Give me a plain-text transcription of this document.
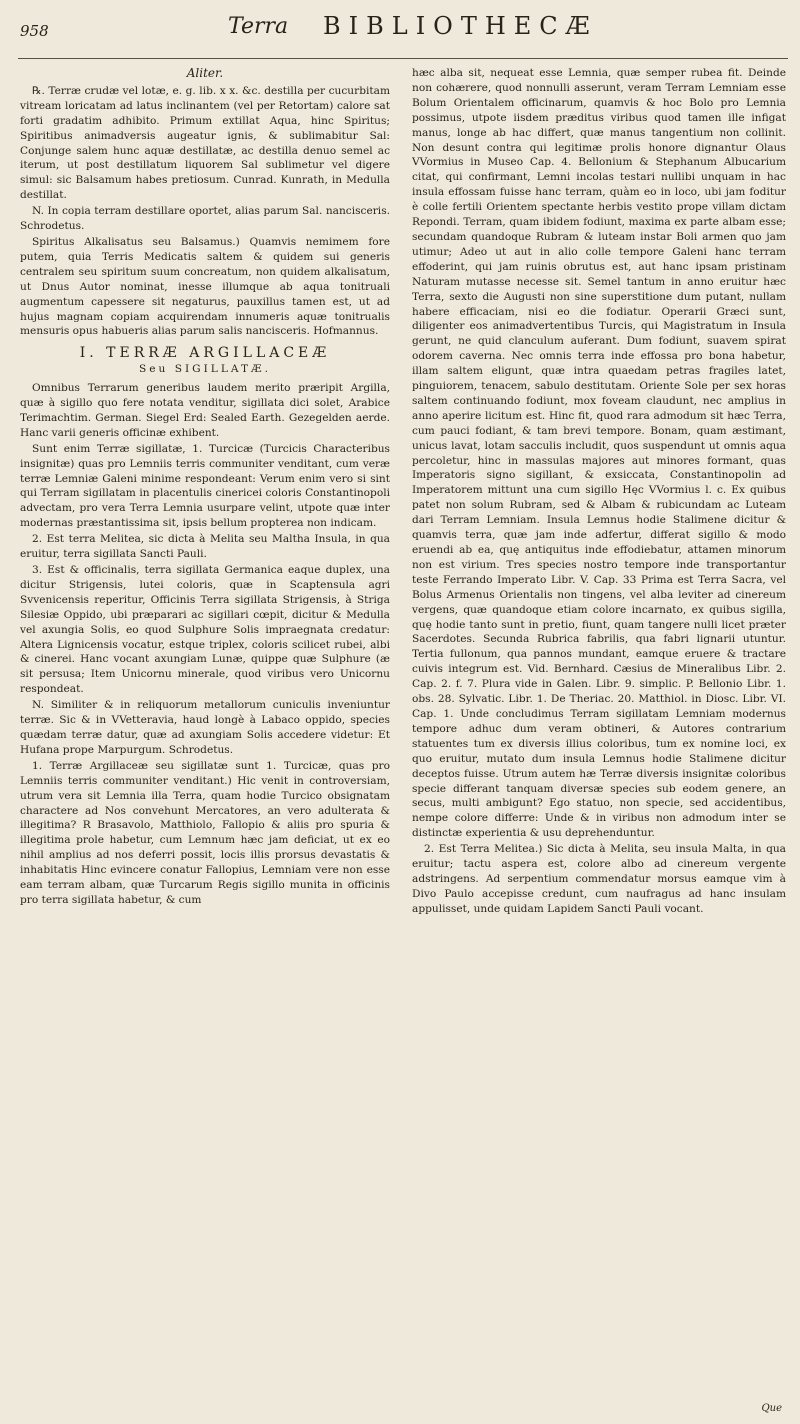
958	Terra BIBLIOTHECÆ
Aliter.

℞. Terræ crudæ vel lotæ, e. g. lib. x x. &c. destilla per cucurbitam vitream loricatam ad latus inclinantem (vel per Retortam) calore sat forti gradatim adhibito. Primum extillat Aqua, hinc Spiritus; Spiritibus animadversis augeatur ignis, & sublimabitur Sal: Conjunge salem hunc aquæ destillatæ, ac destilla denuo semel ac iterum, ut post destillatum liquorem Sal sublimetur vel digere simul: sic Balsamum habes pretiosum. Cunrad. Kunrath, in Medulla destillat.

N. In copia terram destillare oportet, alias parum Sal. nancisceris. Schrodetus.

Spiritus Alkalisatus seu Balsamus.) Quamvis nemimem fore putem, quia Terris Medicatis saltem & quidem sui generis centralem seu spiritum suum concreatum, non quidem alkalisatum, ut Dnus Autor nominat, inesse illumque ab aqua tonitruali augmentum capessere sit negaturus, pauxillus tamen est, ut ad hujus magnam copiam acquirendam innumeris aquæ tonitrualis mensuris opus habueris alias parum salis nancisceris. Hofmannus.

I. TERRÆ ARGILLACEÆ
Seu SIGILLATÆ.

Omnibus Terrarum generibus laudem merito præripit Argilla, quæ à sigillo quo fere notata venditur, sigillata dici solet, Arabice Terimachtim. German. Siegel Erd: Sealed Earth. Gezegelden aerde. Hanc varii generis officinæ exhibent.

Sunt enim Terræ sigillatæ, 1. Turcicæ (Turcicis Characteribus insignitæ) quas pro Lemniis terris communiter venditant, cum veræ terræ Lemniæ Galeni minime respondeant: Verum enim vero si sint qui Terram sigillatam in placentulis cinericei coloris Constantinopoli advectam, pro vera Terra Lemnia usurpare velint, utpote quæ inter modernas præstantissima sit, ipsis bellum propterea non indicam.

2. Est terra Melitea, sic dicta à Melita seu Maltha Insula, in qua eruitur, terra sigillata Sancti Pauli.

3. Est & officinalis, terra sigillata Germanica eaque duplex, una dicitur Strigensis, lutei coloris, quæ in Scaptensula agri Svvenicensis reperitur, Officinis Terra sigillata Strigensis, à Striga Silesiæ Oppido, ubi præparari ac sigillari cœpit, dicitur & Medulla vel axungia Solis, eo quod Sulphure Solis impraegnata credatur: Altera Lignicensis vocatur, estque triplex, coloris scilicet rubei, albi & cinerei. Hanc vocant axungiam Lunæ, quippe quæ Sulphure (æ sit persusa; Item Unicornu minerale, quod viribus vero Unicornu respondeat.

N. Similiter & in reliquorum metallorum cuniculis inveniuntur terræ. Sic & in VVetteravia, haud longè à Labaco oppido, species quædam terræ datur, quæ ad axungiam Solis accedere videtur: Et Hufana prope Marpurgum. Schrodetus.

1. Terræ Argillaceæ seu sigillatæ sunt 1. Turcicæ, quas pro Lemniis terris communiter venditant.) Hic venit in controversiam, utrum vera sit Lemnia illa Terra, quam hodie Turcico obsignatam charactere ad Nos convehunt Mercatores, an vero adulterata & illegitima? R Brasavolo, Matthiolo, Fallopio & aliis pro spuria & illegitima prole habetur, cum Lemnum hæc jam deficiat, ut ex eo nihil amplius ad nos deferri possit, locis illis prorsus devastatis & inhabitatis Hinc evincere conatur Fallopius, Lemniam vere non esse eam terram albam, quæ Turcarum Regis sigillo munita in officinis pro terra sigillata habetur, & cum

hæc alba sit, nequeat esse Lemnia, quæ semper rubea fit. Deinde non cohærere, quod nonnulli asserunt, veram Terram Lemniam esse Bolum Orientalem officinarum, quamvis & hoc Bolo pro Lemnia possimus, utpote iisdem præditus viribus quod tamen ille infigat manus, longe ab hac differt, quæ manus tangentium non collinit. Non desunt contra qui legitimæ prolis honore dignantur Olaus VVormius in Museo Cap. 4. Bellonium & Stephanum Albucarium citat, qui confirmant, Lemni incolas testari nullibi unquam in hac insula effossam fuisse hanc terram, quàm eo in loco, ubi jam foditur è colle fertili Orientem spectante herbis vestito prope villam dictam Repondi. Terram, quam ibidem fodiunt, maxima ex parte albam esse; secundam quandoque Rubram & luteam instar Boli armen quo jam utimur; Adeo ut aut in alio colle tempore Galeni hanc terram effoderint, qui jam ruinis obrutus est, aut hanc ipsam pristinam Naturam mutasse necesse sit. Semel tantum in anno eruitur hæc Terra, sexto die Augusti non sine superstitione dum putant, nullam habere efficaciam, nisi eo die fodiatur. Operarii Græci sunt, diligenter eos animadvertentibus Turcis, qui Magistratum in Insula gerunt, ne quid clanculum auferant. Dum fodiunt, suavem spirat odorem caverna. Nec omnis terra inde effossa pro bona habetur, illam saltem eligunt, quæ intra quaedam petras fragiles latet, pinguiorem, tenacem, sabulo destitutam. Oriente Sole per sex horas saltem continuando fodiunt, mox foveam claudunt, nec amplius in anno aperire licitum est. Hinc fit, quod rara admodum sit hæc Terra, cum pauci fodiant, & tam brevi tempore. Bonam, quam æstimant, unicus lavat, lotam sacculis includit, quos suspendunt ut omnis aqua percoletur, hinc in massulas majores aut minores formant, quas Imperatoris signo sigillant, & exsiccata, Constantinopolin ad Imperatorem mittunt una cum sigillo Hęc VVormius l. c. Ex quibus patet non solum Rubram, sed & Albam & rubicundam ac Luteam dari Terram Lemniam. Insula Lemnus hodie Stalimene dicitur & quamvis terra, quæ jam inde adfertur, differat sigillo & modo eruendi ab ea, quę antiquitus inde effodiebatur, attamen minorum non est virium. Tres species nostro tempore inde transportantur teste Ferrando Imperato Libr. V. Cap. 33 Prima est Terra Sacra, vel Bolus Armenus Orientalis non tingens, vel alba leviter ad cinereum vergens, quæ quandoque etiam colore incarnato, ex quibus sigilla, quę hodie tanto sunt in pretio, fiunt, quam tangere nulli licet præter Sacerdotes. Secunda Rubrica fabrilis, qua fabri lignarii utuntur. Tertia fullonum, qua pannos mundant, eamque eruere & tractare cuivis integrum est. Vid. Bernhard. Cæsius de Mineralibus Libr. 2. Cap. 2. f. 7. Plura vide in Galen. Libr. 9. simplic. P. Bellonio Libr. 1. obs. 28. Sylvatic. Libr. 1. De Theriac. 20. Matthiol. in Diosc. Libr. VI. Cap. 1. Unde concludimus Terram sigillatam Lemniam modernus tempore adhuc dum veram obtineri, & Autores contrarium statuentes tum ex diversis illius coloribus, tum ex nomine loci, ex quo eruitur, mutato dum insula Lemnus hodie Stalimene dicitur deceptos fuisse. Utrum autem hæ Terræ diversis insignitæ coloribus specie differant tanquam diversæ species sub eodem genere, an secus, multi ambigunt? Ego statuo, non specie, sed accidentibus, nempe colore differre: Unde & in viribus non admodum inter se distinctæ experientia & usu deprehenduntur.

2. Est Terra Melitea.) Sic dicta à Melita, seu insula Malta, in qua eruitur; tactu aspera est, colore albo ad cinereum vergente adstringens. Ad serpentium commendatur morsus eamque vim à Divo Paulo accepisse credunt, cum naufragus ad hanc insulam appulisset, unde quidam Lapidem Sancti Pauli vocant.

Que
